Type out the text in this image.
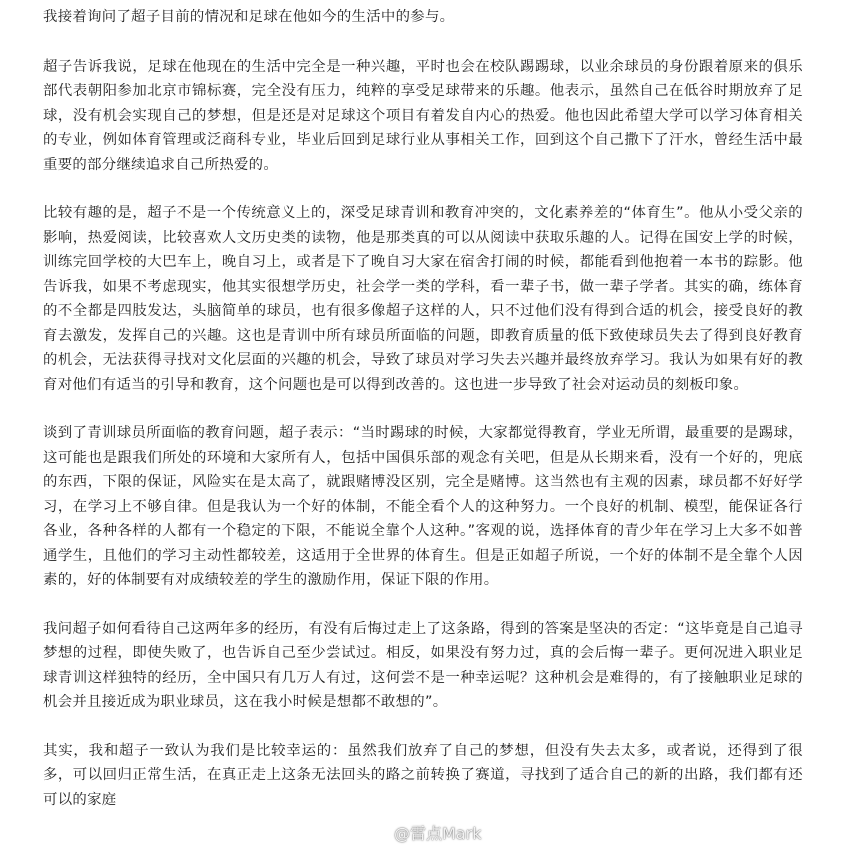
我接着询问了超子目前的情况和足球在他如今的生活中的参与。

超子告诉我说，足球在他现在的生活中完全是一种兴趣，平时也会在校队踢踢球，以业余球员的身份跟着原来的俱乐部代表朝阳参加北京市锦标赛，完全没有压力，纯粹的享受足球带来的乐趣。他表示，虽然自己在低谷时期放弃了足球，没有机会实现自己的梦想，但是还是对足球这个项目有着发自内心的热爱。他也因此希望大学可以学习体育相关的专业，例如体育管理或泛商科专业，毕业后回到足球行业从事相关工作，回到这个自己撒下了汗水，曾经生活中最重要的部分继续追求自己所热爱的。

比较有趣的是，超子不是一个传统意义上的，深受足球青训和教育冲突的，文化素养差的“体育生”。他从小受父亲的影响，热爱阅读，比较喜欢人文历史类的读物，他是那类真的可以从阅读中获取乐趣的人。记得在国安上学的时候，训练完回学校的大巴车上，晚自习上，或者是下了晚自习大家在宿舍打闹的时候，都能看到他抱着一本书的踪影。他告诉我，如果不考虑现实，他其实很想学历史，社会学一类的学科，看一辈子书，做一辈子学者。其实的确，练体育的不全都是四肢发达，头脑简单的球员，也有很多像超子这样的人，只不过他们没有得到合适的机会，接受良好的教育去激发，发挥自己的兴趣。这也是青训中所有球员所面临的问题，即教育质量的低下致使球员失去了得到良好教育的机会，无法获得寻找对文化层面的兴趣的机会，导致了球员对学习失去兴趣并最终放弃学习。我认为如果有好的教育对他们有适当的引导和教育，这个问题也是可以得到改善的。这也进一步导致了社会对运动员的刻板印象。

谈到了青训球员所面临的教育问题，超子表示：“当时踢球的时候，大家都觉得教育，学业无所谓，最重要的是踢球，这可能也是跟我们所处的环境和大家所有人，包括中国俱乐部的观念有关吧，但是从长期来看，没有一个好的，兜底的东西，下限的保证，风险实在是太高了，就跟赌博没区别，完全是赌博。这当然也有主观的因素，球员都不好好学习，在学习上不够自律。但是我认为一个好的体制，不能全看个人的这种努力。一个良好的机制、模型，能保证各行各业，各种各样的人都有一个稳定的下限，不能说全靠个人这种。”客观的说，选择体育的青少年在学习上大多不如普通学生，且他们的学习主动性都较差，这适用于全世界的体育生。但是正如超子所说，一个好的体制不是全靠个人因素的，好的体制要有对成绩较差的学生的激励作用，保证下限的作用。

我问超子如何看待自己这两年多的经历，有没有后悔过走上了这条路，得到的答案是坚决的否定：“这毕竟是自己追寻梦想的过程，即使失败了，也告诉自己至少尝试过。相反，如果没有努力过，真的会后悔一辈子。更何况进入职业足球青训这样独特的经历，全中国只有几万人有过，这何尝不是一种幸运呢？这种机会是难得的，有了接触职业足球的机会并且接近成为职业球员，这在我小时候是想都不敢想的”。

其实，我和超子一致认为我们是比较幸运的：虽然我们放弃了自己的梦想，但没有失去太多，或者说，还得到了很多，可以回归正常生活，在真正走上这条无法回头的路之前转换了赛道，寻找到了适合自己的新的出路，我们都有还可以的家庭

@雷点Mark
